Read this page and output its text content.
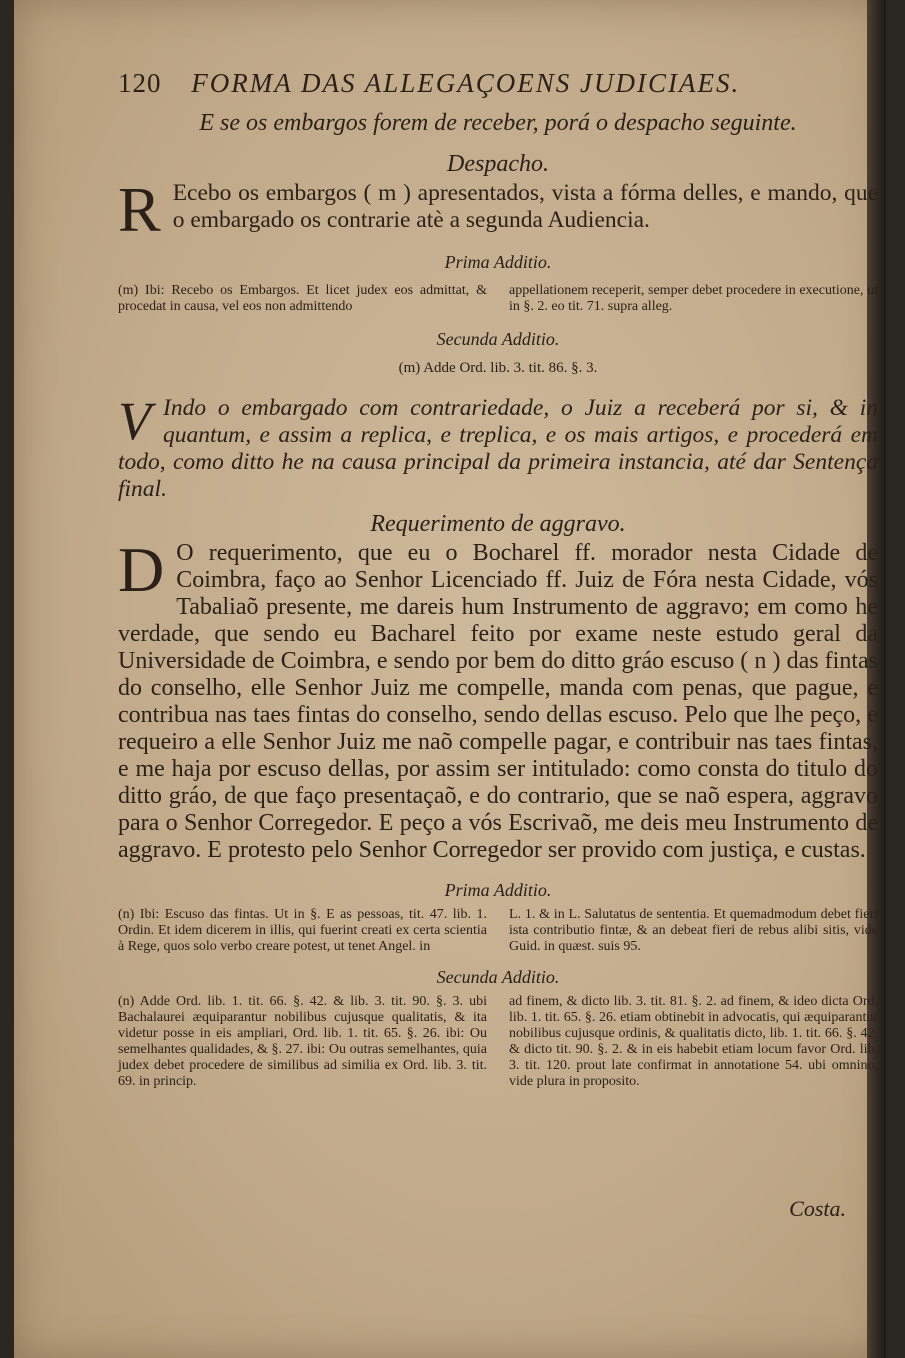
120 FORMA DAS ALLEGAÇOENS JUDICIAES.
E se os embargos forem de receber, porá o despacho seguinte.
Despacho.
R Ecebo os embargos ( m ) apresentados, vista a fórma delles, e mando, que o embargado os contrarie atè a segunda Audiencia.
Prima Additio.
(m) Ibi: Recebo os Embargos. Et licet judex eos admittat, & procedat in causa, vel eos non admittendo
appellationem receperit, semper debet procedere in executione, ut in §. 2. eo tit. 71. supra alleg.
Secunda Additio.
(m) Adde Ord. lib. 3. tit. 86. §. 3.
V Indo o embargado com contrariedade, o Juiz a receberá por si, & in quantum, e assim a replica, e treplica, e os mais artigos, e procederá em todo, como ditto he na causa principal da primeira instancia, até dar Sentença final.
Requerimento de aggravo.
D O requerimento, que eu o Bocharel ff. morador nesta Cidade de Coimbra, faço ao Senhor Licenciado ff. Juiz de Fóra nesta Cidade, vós Tabaliaõ presente, me dareis hum Instrumento de aggravo; em como he verdade, que sendo eu Bacharel feito por exame neste estudo geral da Universidade de Coimbra, e sendo por bem do ditto gráo escuso ( n ) das fintas do conselho, elle Senhor Juiz me compelle, manda com penas, que pague, e contribua nas taes fintas do conselho, sendo dellas escuso. Pelo que lhe peço, e requeiro a elle Senhor Juiz me naõ compelle pagar, e contribuir nas taes fintas, e me haja por escuso dellas, por assim ser intitulado: como consta do titulo do ditto gráo, de que faço presentaçaõ, e do contrario, que se naõ espera, aggravo para o Senhor Corregedor. E peço a vós Escrivaõ, me deis meu Instrumento de aggravo. E protesto pelo Senhor Corregedor ser provido com justiça, e custas.
Prima Additio.
(n) Ibi: Escuso das fintas. Ut in §. E as pessoas, tit. 47. lib. 1. Ordin. Et idem dicerem in illis, qui fuerint creati ex certa scientia à Rege, quos solo verbo creare potest, ut tenet Angel. in
L. 1. & in L. Salutatus de sententia. Et quemadmodum debet fieri ista contributio fintæ, & an debeat fieri de rebus alibi sitis, vide Guid. in quæst. suis 95.
Secunda Additio.
(n) Adde Ord. lib. 1. tit. 66. §. 42. & lib. 3. tit. 90. §. 3. ubi Bachalaurei æquiparantur nobilibus cujusque qualitatis, & ita videtur posse in eis ampliari, Ord. lib. 1. tit. 65. §. 26. ibi: Ou semelhantes qualidades, & §. 27. ibi: Ou outras semelhantes, quia judex debet procedere de similibus ad similia ex Ord. lib. 3. tit. 69. in princip.
ad finem, & dicto lib. 3. tit. 81. §. 2. ad finem, & ideo dicta Ord. lib. 1. tit. 65. §. 26. etiam obtinebit in advocatis, qui æquiparantur nobilibus cujusque ordinis, & qualitatis dicto, lib. 1. tit. 66. §. 42. & dicto tit. 90. §. 2. & in eis habebit etiam locum favor Ord. lib. 3. tit. 120. prout late confirmat in annotatione 54. ubi omnino, vide plura in proposito.
Costa.
